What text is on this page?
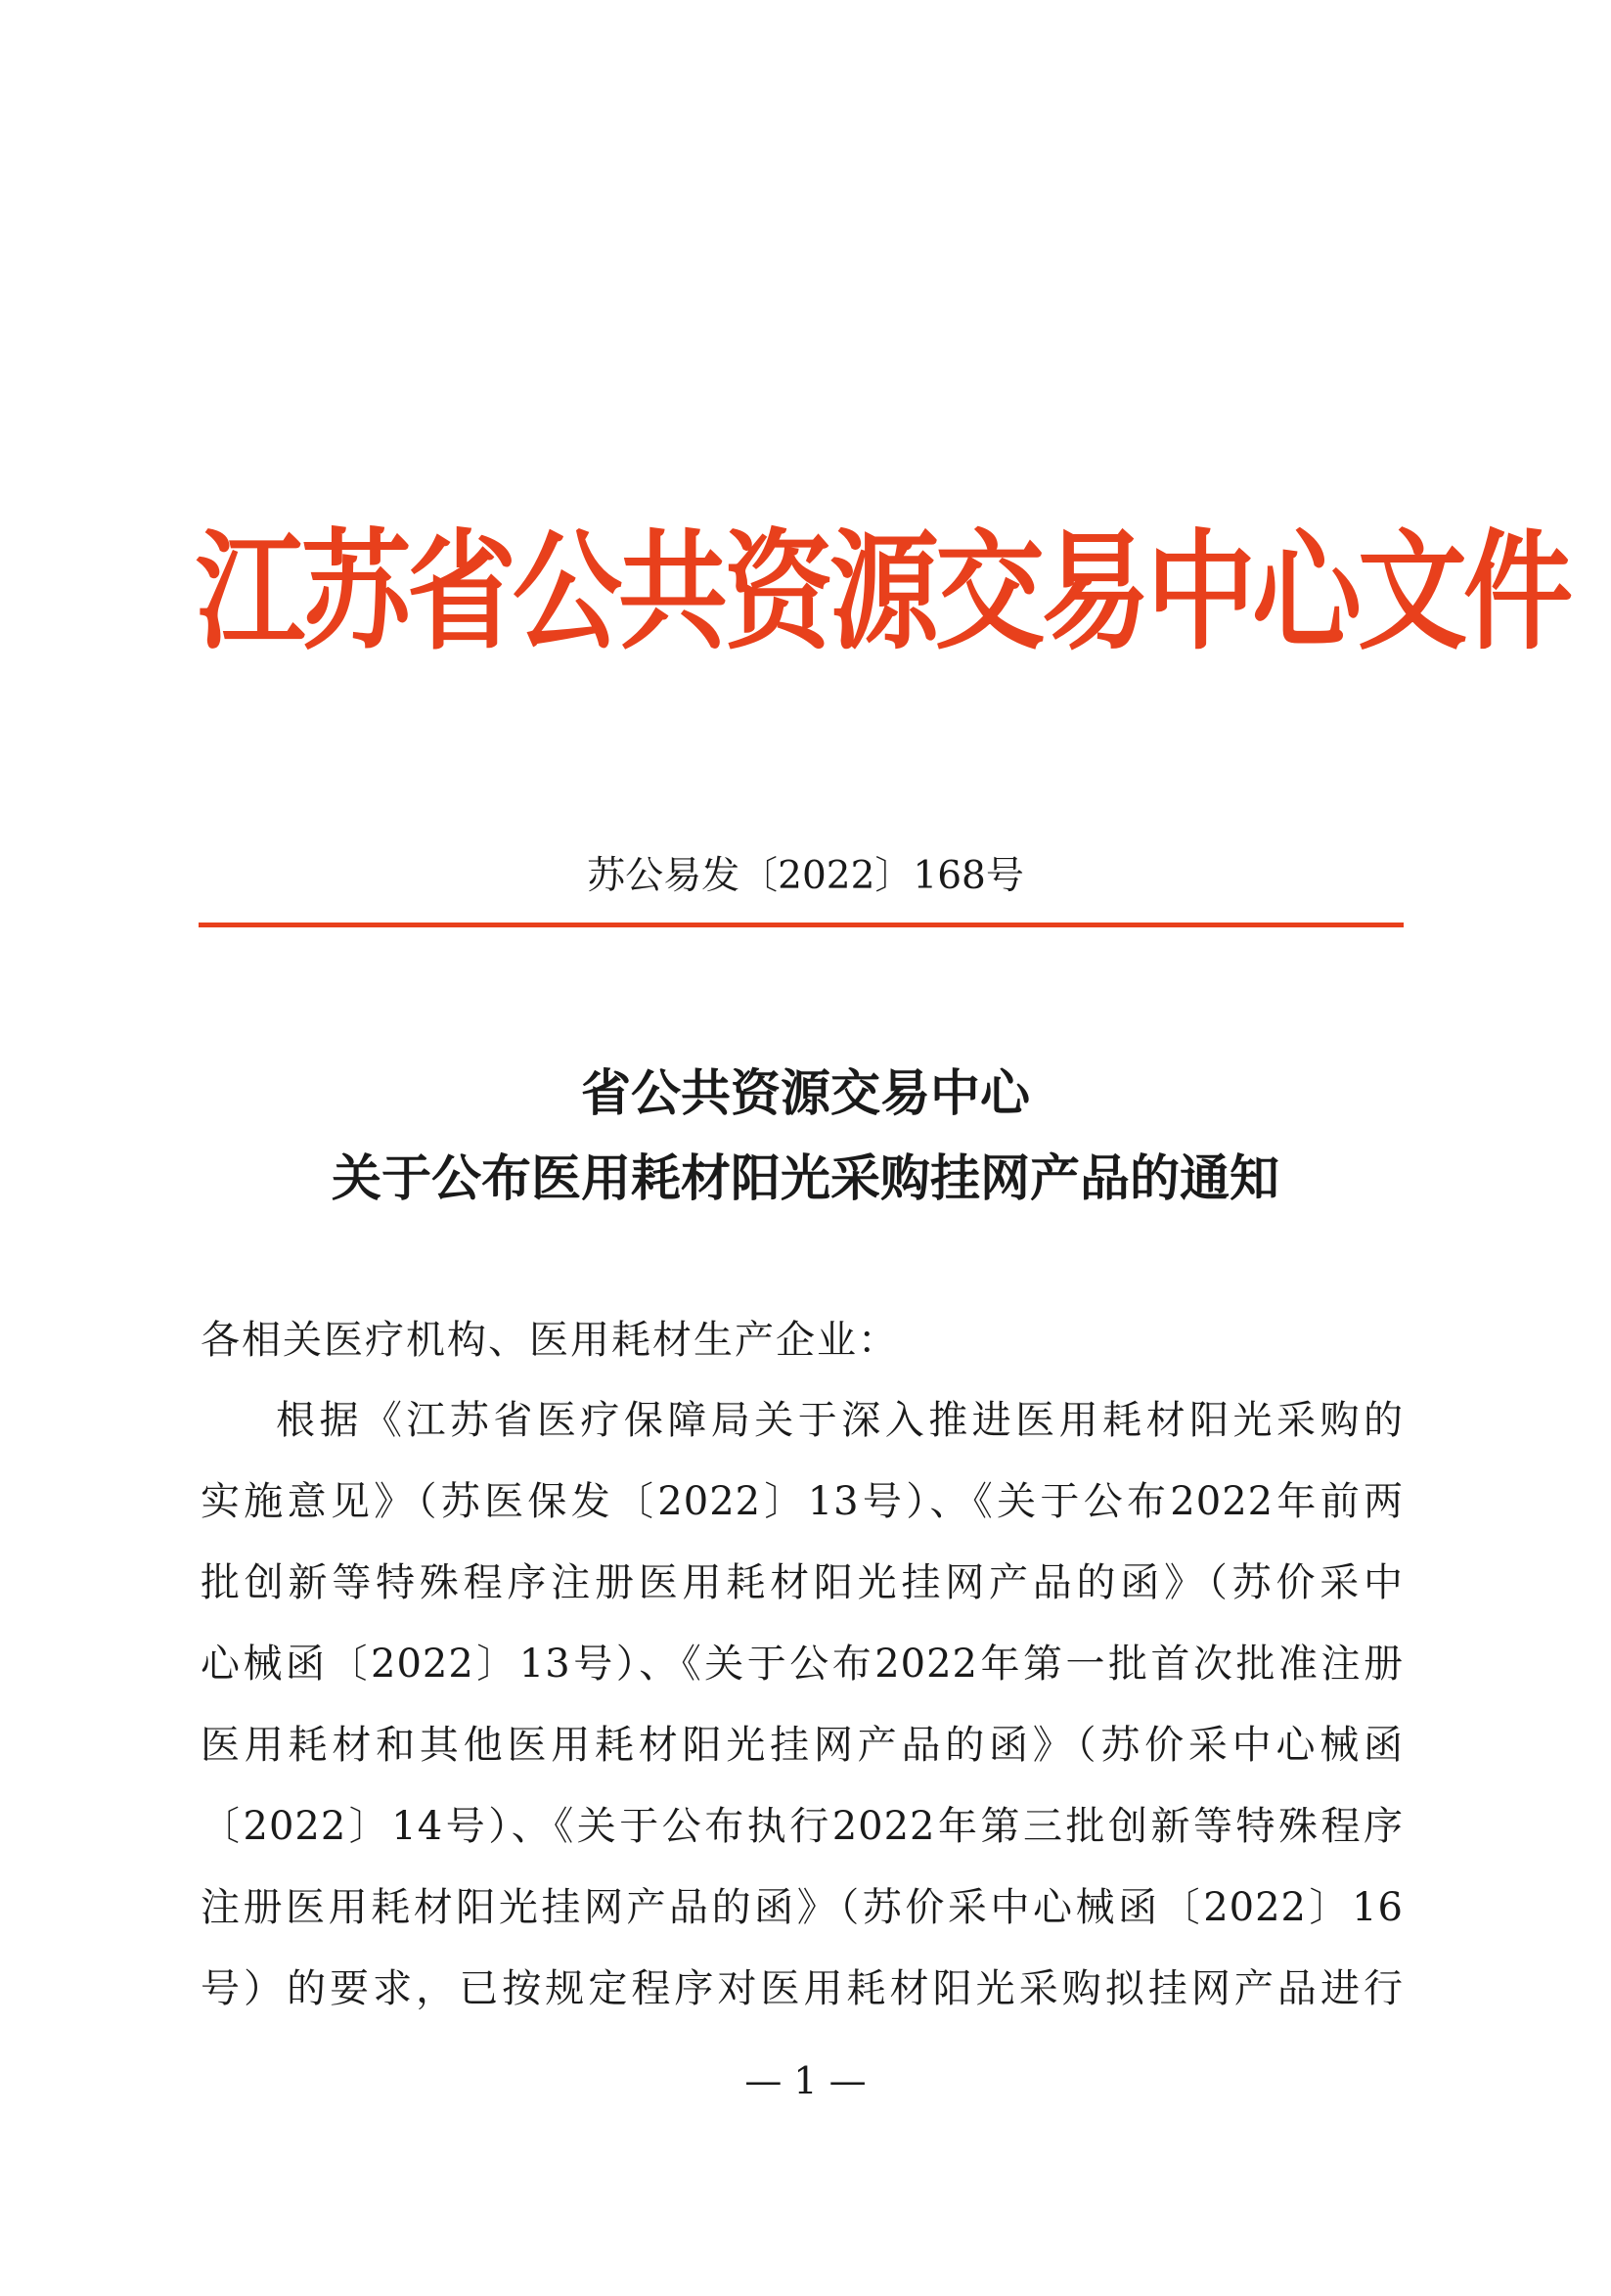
江苏省公共资源交易中心文件
苏公易发〔2022〕168号
省公共资源交易中心
关于公布医用耗材阳光采购挂网产品的通知
各相关医疗机构、医用耗材生产企业：
根据《江苏省医疗保障局关于深入推进医用耗材阳光采购的
实施意见》（苏医保发〔2022〕13号）、《关于公布2022年前两
批创新等特殊程序注册医用耗材阳光挂网产品的函》（苏价采中
心械函〔2022〕13号）、《关于公布2022年第一批首次批准注册
医用耗材和其他医用耗材阳光挂网产品的函》（苏价采中心械函
〔2022〕14号）、《关于公布执行2022年第三批创新等特殊程序
注册医用耗材阳光挂网产品的函》（苏价采中心械函〔2022〕16
号）的要求，已按规定程序对医用耗材阳光采购拟挂网产品进行
— 1 —
